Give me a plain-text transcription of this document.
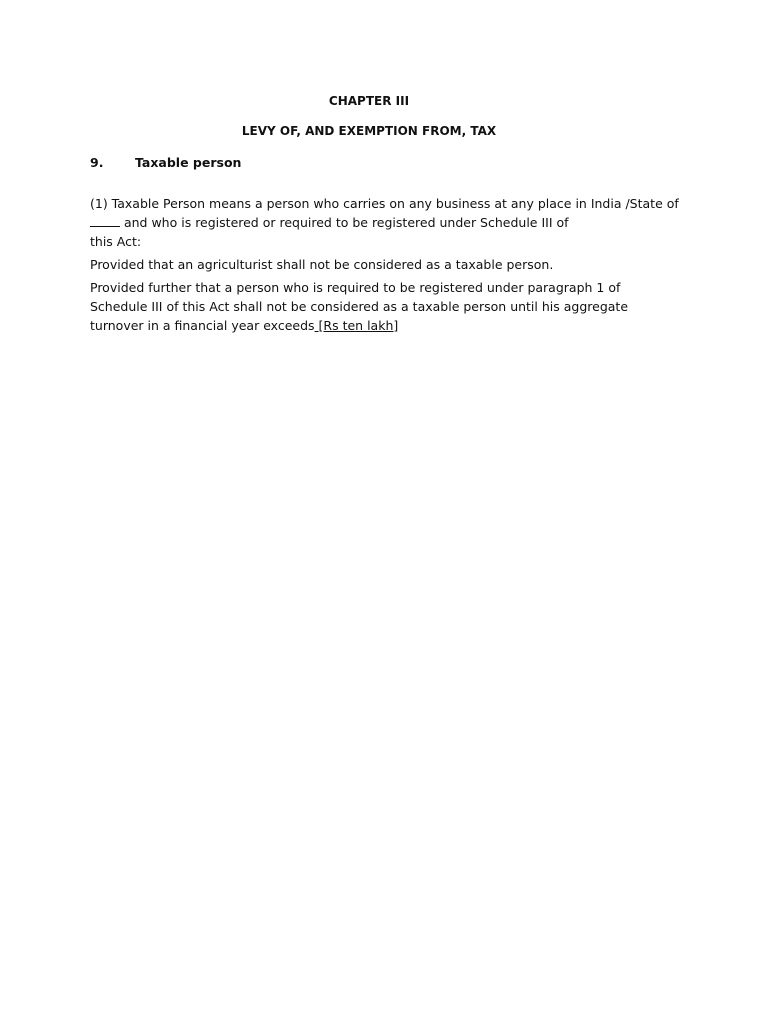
CHAPTER III
LEVY OF, AND EXEMPTION FROM, TAX
9.	Taxable person
(1) Taxable Person means a person who carries on any business at any place in India /State of
and who is registered or required to be registered under Schedule III of
this Act:
Provided that an agriculturist shall not be considered as a taxable person.
Provided further that a person who is required to be registered under paragraph 1 of
Schedule III of this Act shall not be considered as a taxable person until his aggregate
turnover in a financial year exceeds [Rs ten lakh]
